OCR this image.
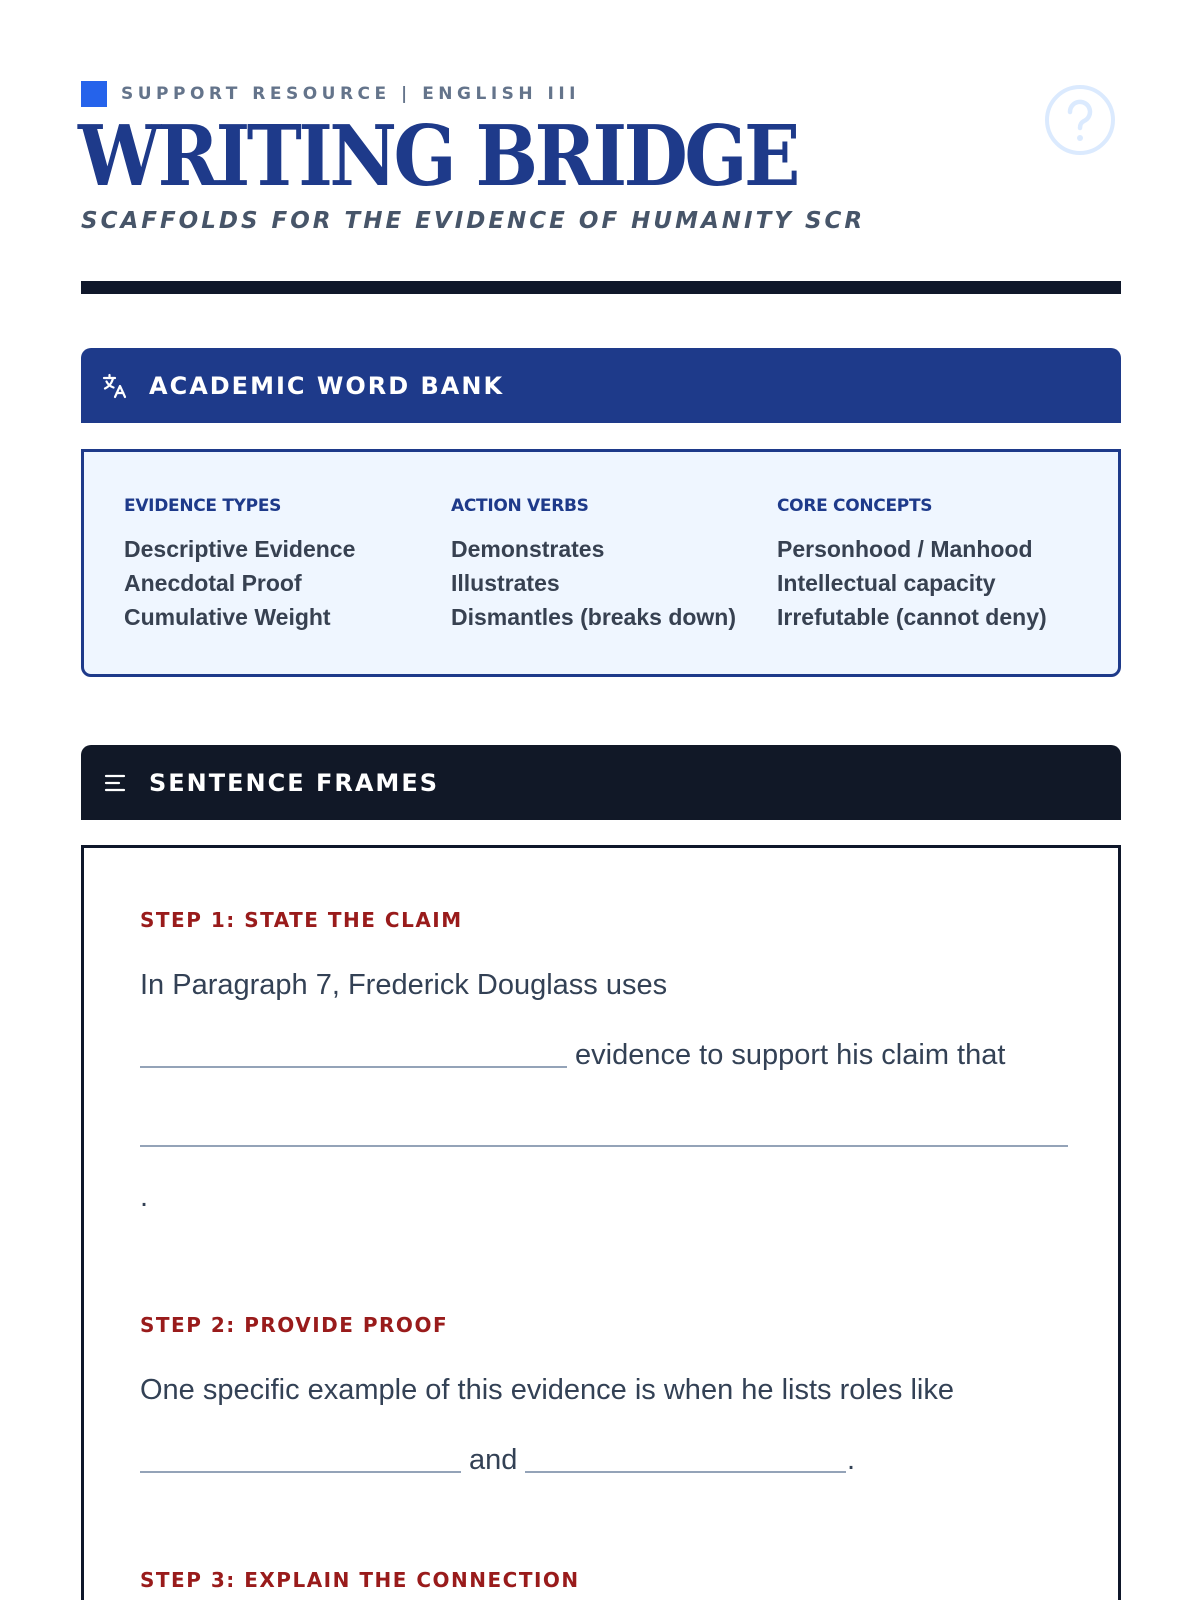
SUPPORT RESOURCE | ENGLISH III
WRITING BRIDGE
SCAFFOLDS FOR THE EVIDENCE OF HUMANITY SCR
ACADEMIC WORD BANK
EVIDENCE TYPES
Descriptive Evidence
Anecdotal Proof
Cumulative Weight
ACTION VERBS
Demonstrates
Illustrates
Dismantles (breaks down)
CORE CONCEPTS
Personhood / Manhood
Intellectual capacity
Irrefutable (cannot deny)
SENTENCE FRAMES
STEP 1: STATE THE CLAIM
In Paragraph 7, Frederick Douglass uses
evidence to support his claim that
.
STEP 2: PROVIDE PROOF
One specific example of this evidence is when he lists roles like
and	.
STEP 3: EXPLAIN THE CONNECTION
